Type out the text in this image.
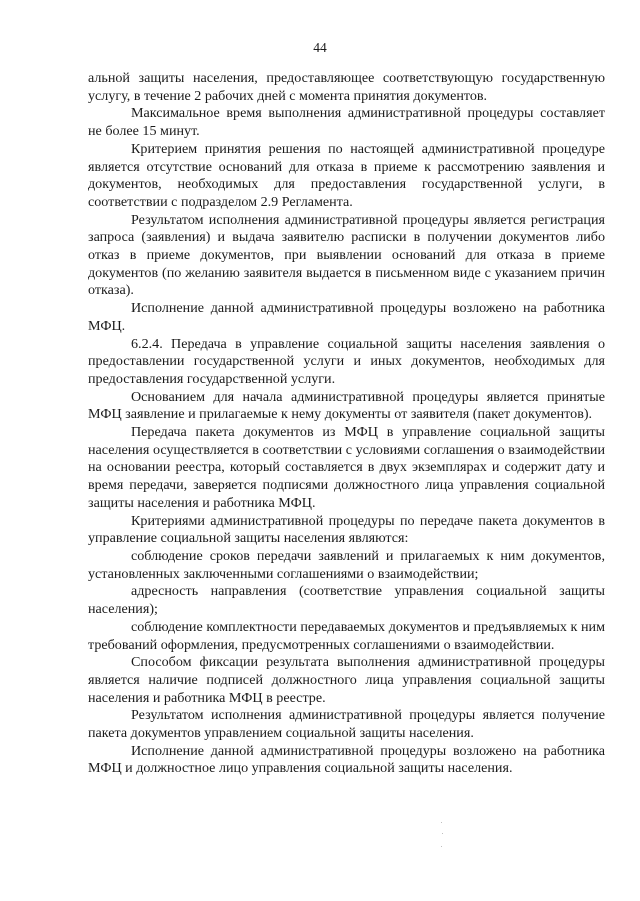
44

альной защиты населения, предоставляющее соответствующую государственную услугу, в течение 2 рабочих дней с момента принятия документов.

Максимальное время выполнения административной процедуры составляет не более 15 минут.

Критерием принятия решения по настоящей административной процедуре является отсутствие оснований для отказа в приеме к рассмотрению заявления и документов, необходимых для предоставления государственной услуги, в соответствии с подразделом 2.9 Регламента.

Результатом исполнения административной процедуры является регистрация запроса (заявления) и выдача заявителю расписки в получении документов либо отказ в приеме документов, при выявлении оснований для отказа в приеме документов (по желанию заявителя выдается в письменном виде с указанием причин отказа).

Исполнение данной административной процедуры возложено на работника МФЦ.

6.2.4. Передача в управление социальной защиты населения заявления о предоставлении государственной услуги и иных документов, необходимых для предоставления государственной услуги.

Основанием для начала административной процедуры является принятые МФЦ заявление и прилагаемые к нему документы от заявителя (пакет документов).

Передача пакета документов из МФЦ в управление социальной защиты населения осуществляется в соответствии с условиями соглашения о взаимодействии на основании реестра, который составляется в двух экземплярах и содержит дату и время передачи, заверяется подписями должностного лица управления социальной защиты населения и работника МФЦ.

Критериями административной процедуры по передаче пакета документов в управление социальной защиты населения являются:

соблюдение сроков передачи заявлений и прилагаемых к ним документов, установленных заключенными соглашениями о взаимодействии;

адресность направления (соответствие управления социальной защиты населения);

соблюдение комплектности передаваемых документов и предъявляемых к ним требований оформления, предусмотренных соглашениями о взаимодействии.

Способом фиксации результата выполнения административной процедуры является наличие подписей должностного лица управления социальной защиты населения и работника МФЦ в реестре.

Результатом исполнения административной процедуры является получение пакета документов управлением социальной защиты населения.

Исполнение данной административной процедуры возложено на работника МФЦ и должностное лицо управления социальной защиты населения.
